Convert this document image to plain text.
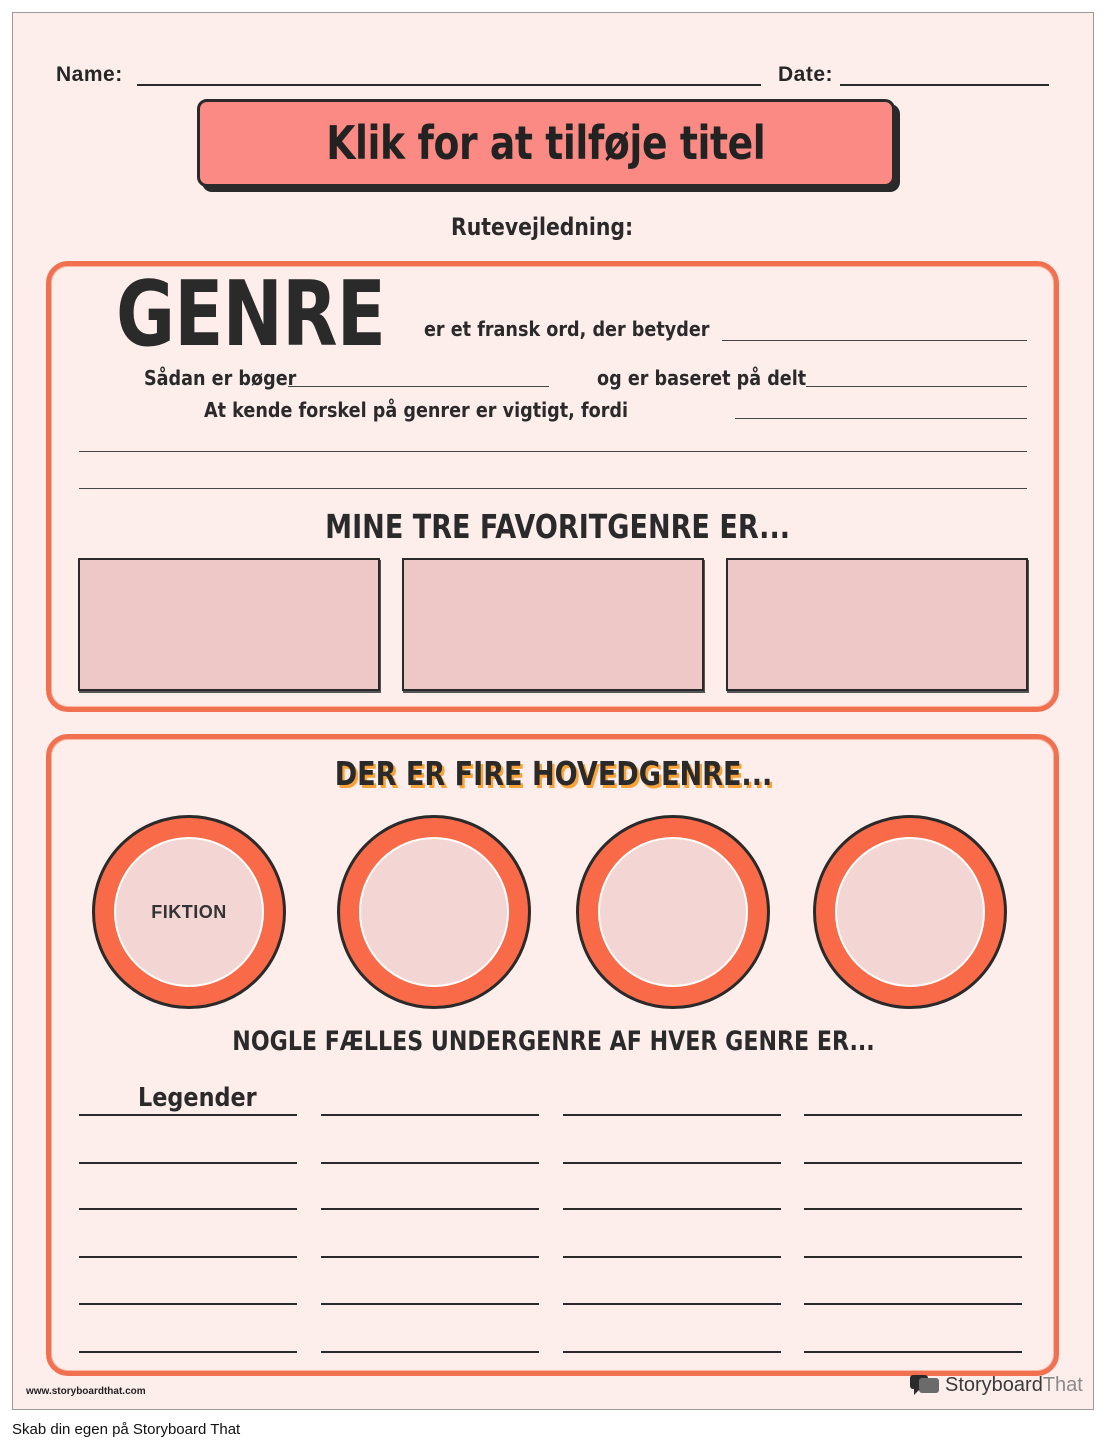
Name:	Date:
Klik for at tilføje titel
Rutevejledning:
GENRE er et fransk ord, der betyder
Sådan er bøger	og er baseret på delt
At kende forskel på genrer er vigtigt, fordi
MINE TRE FAVORITGENRE ER...
DER ER FIRE HOVEDGENRE...
FIKTION
NOGLE FÆLLES UNDERGENRE AF HVER GENRE ER...
Legender
www.storyboardthat.com	Storyboard That
Skab din egen på Storyboard That
